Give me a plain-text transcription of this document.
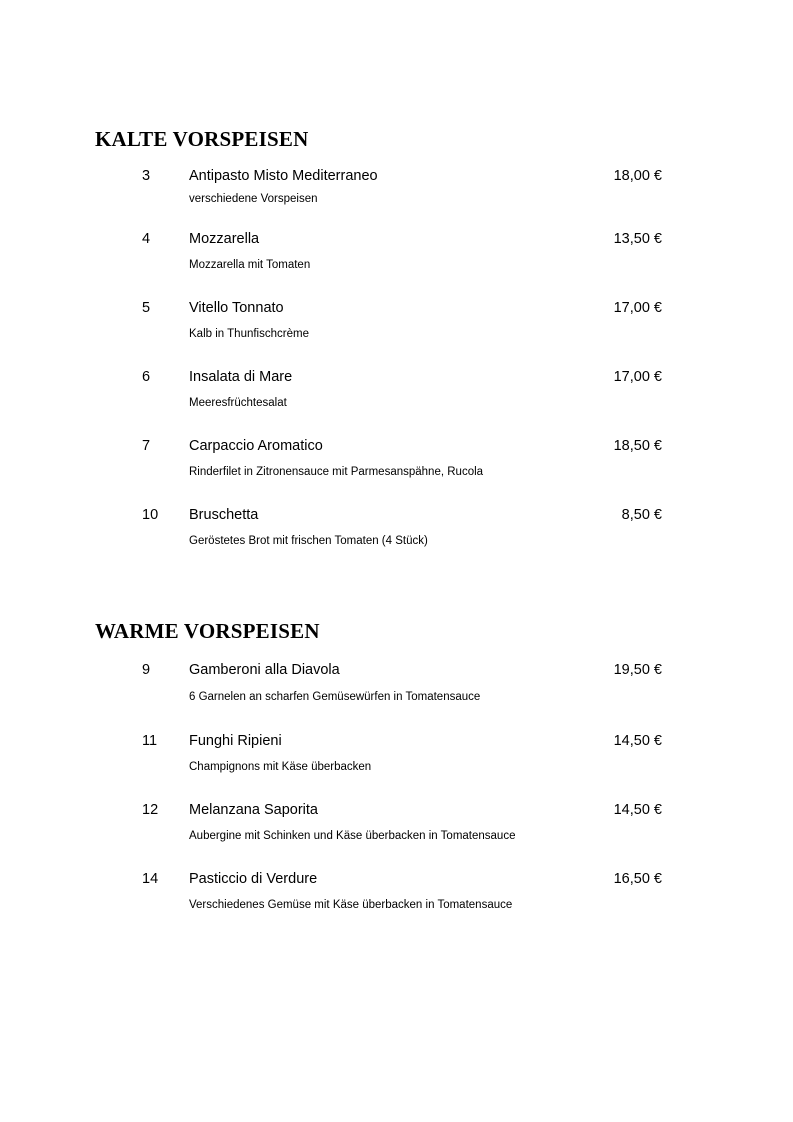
KALTE VORSPEISEN
3	Antipasto Misto Mediterraneo	18,00 €
verschiedene Vorspeisen
4	Mozzarella	13,50 €
Mozzarella mit Tomaten
5	Vitello Tonnato	17,00 €
Kalb in Thunfischcrème
6	Insalata di Mare	17,00 €
Meeresfrüchtesalat
7	Carpaccio Aromatico	18,50 €
Rinderfilet in Zitronensauce mit Parmesanspähne, Rucola
10 Bruschetta	8,50 €
Geröstetes Brot mit frischen Tomaten (4 Stück)
WARME VORSPEISEN
9	Gamberoni alla Diavola	19,50 €
6 Garnelen an scharfen Gemüsewürfen in Tomatensauce
11 Funghi Ripieni	14,50 €
Champignons mit Käse überbacken
12 Melanzana Saporita	14,50 €
Aubergine mit Schinken und Käse überbacken in Tomatensauce
14 Pasticcio di Verdure	16,50 €
Verschiedenes Gemüse mit Käse überbacken in Tomatensauce
